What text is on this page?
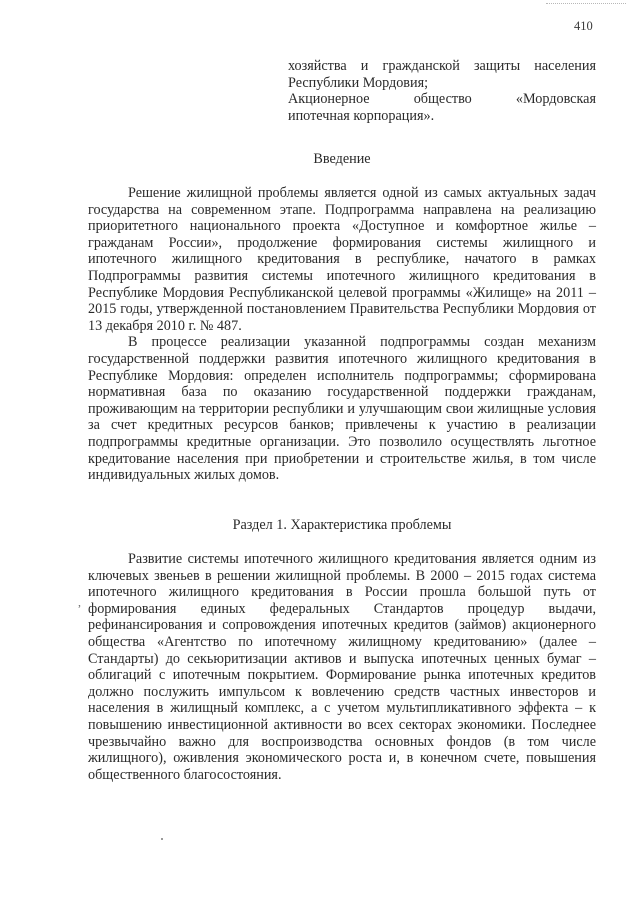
410

хозяйства и гражданской защиты населения

Республики Мордовия;

Акционерное общество «Мордовская

ипотечная корпорация».

Введение

Решение жилищной проблемы является одной из самых актуальных задач государства на современном этапе. Подпрограмма направлена на реализацию приоритетного национального проекта «Доступное и комфортное жилье – гражданам России», продолжение формирования системы жилищного и ипотечного жилищного кредитования в республике, начатого в рамках Подпрограммы развития системы ипотечного жилищного кредитования в Республике Мордовия Республиканской целевой программы «Жилище» на 2011 – 2015 годы, утвержденной постановлением Правительства Республики Мордовия от 13 декабря 2010 г. № 487.

В процессе реализации указанной подпрограммы создан механизм государственной поддержки развития ипотечного жилищного кредитования в Республике Мордовия: определен исполнитель подпрограммы; сформирована нормативная база по оказанию государственной поддержки гражданам, проживающим на территории республики и улучшающим свои жилищные условия за счет кредитных ресурсов банков; привлечены к участию в реализации подпрограммы кредитные организации. Это позволило осуществлять льготное кредитование населения при приобретении и строительстве жилья, в том числе индивидуальных жилых домов.

Раздел 1. Характеристика проблемы

Развитие системы ипотечного жилищного кредитования является одним из ключевых звеньев в решении жилищной проблемы. В 2000 – 2015 годах система ипотечного жилищного кредитования в России прошла большой путь от формирования единых федеральных Стандартов процедур выдачи, рефинансирования и сопровождения ипотечных кредитов (займов) акционерного общества «Агентство по ипотечному жилищному кредитованию» (далее – Стандарты) до секьюритизации активов и выпуска ипотечных ценных бумаг – облигаций с ипотечным покрытием. Формирование рынка ипотечных кредитов должно послужить импульсом к вовлечению средств частных инвесторов и населения в жилищный комплекс, а с учетом мультипликативного эффекта – к повышению инвестиционной активности во всех секторах экономики. Последнее чрезвычайно важно для воспроизводства основных фондов (в том числе жилищного), оживления экономического роста и, в конечном счете, повышения общественного благосостояния.

,
